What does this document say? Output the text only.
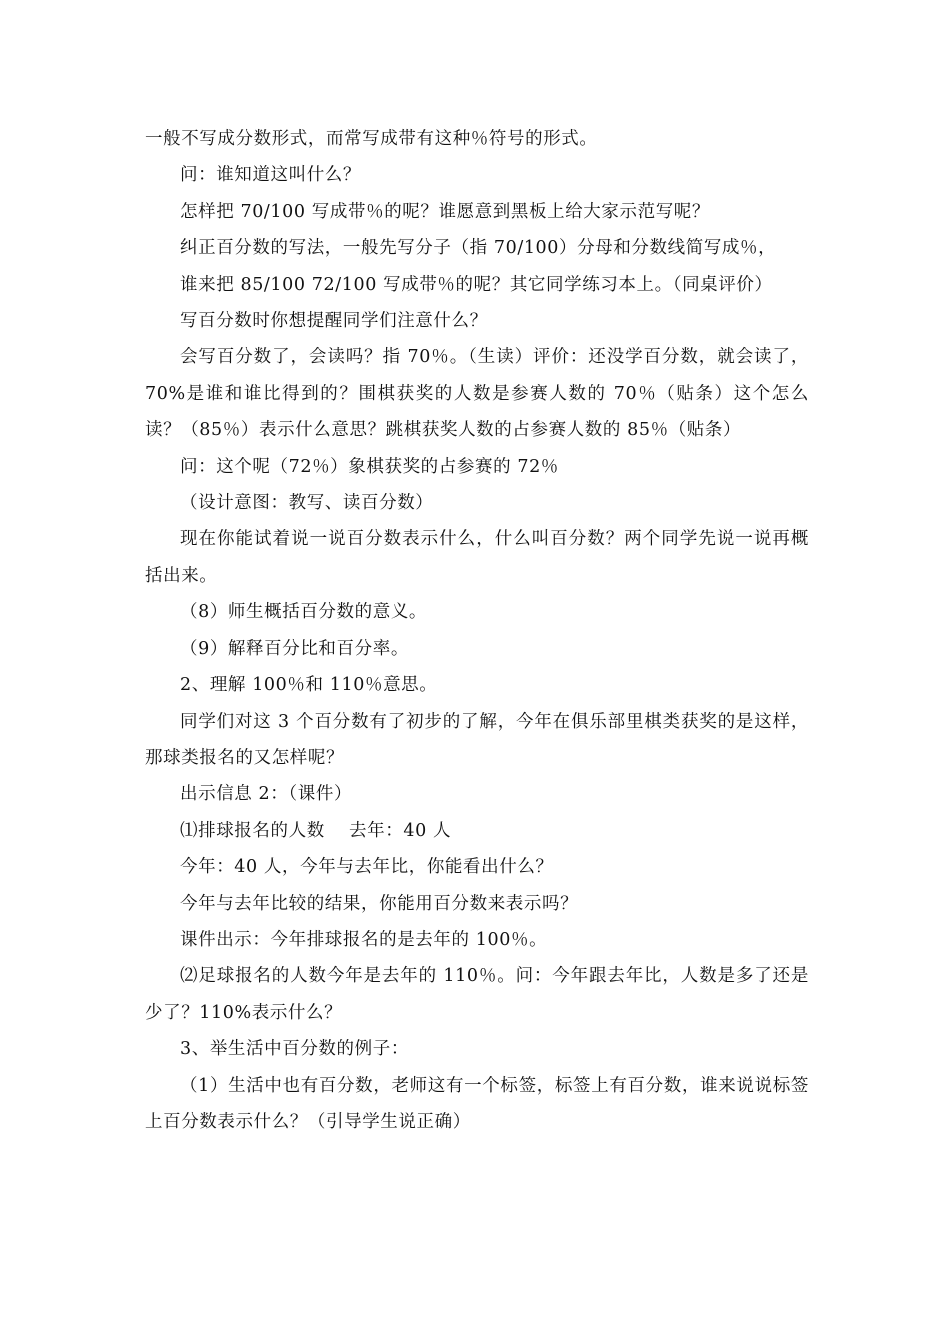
一般不写成分数形式，而常写成带有这种％符号的形式。

问：谁知道这叫什么？

怎样把 70/100 写成带％的呢？谁愿意到黑板上给大家示范写呢？

纠正百分数的写法，一般先写分子（指 70/100）分母和分数线简写成％，

谁来把 85/100 72/100 写成带％的呢？其它同学练习本上。（同桌评价）

写百分数时你想提醒同学们注意什么？

会写百分数了，会读吗？指 70％。（生读）评价：还没学百分数，就会读了，70%是谁和谁比得到的？围棋获奖的人数是参赛人数的 70％（贴条）这个怎么读？（85％）表示什么意思？跳棋获奖人数的占参赛人数的 85％（贴条）

问：这个呢（72％）象棋获奖的占参赛的 72％

（设计意图：教写、读百分数）

现在你能试着说一说百分数表示什么，什么叫百分数？两个同学先说一说再概括出来。

（8）师生概括百分数的意义。

（9）解释百分比和百分率。

2、理解 100％和 110％意思。

同学们对这 3 个百分数有了初步的了解，今年在俱乐部里棋类获奖的是这样，那球类报名的又怎样呢？

出示信息 2：（课件）

⑴排球报名的人数　 去年：40 人

今年：40 人，今年与去年比，你能看出什么？

今年与去年比较的结果，你能用百分数来表示吗？

课件出示：今年排球报名的是去年的 100％。

⑵足球报名的人数今年是去年的 110％。问：今年跟去年比，人数是多了还是少了？110%表示什么？

3、举生活中百分数的例子：

（1）生活中也有百分数，老师这有一个标签，标签上有百分数，谁来说说标签上百分数表示什么？（引导学生说正确）
